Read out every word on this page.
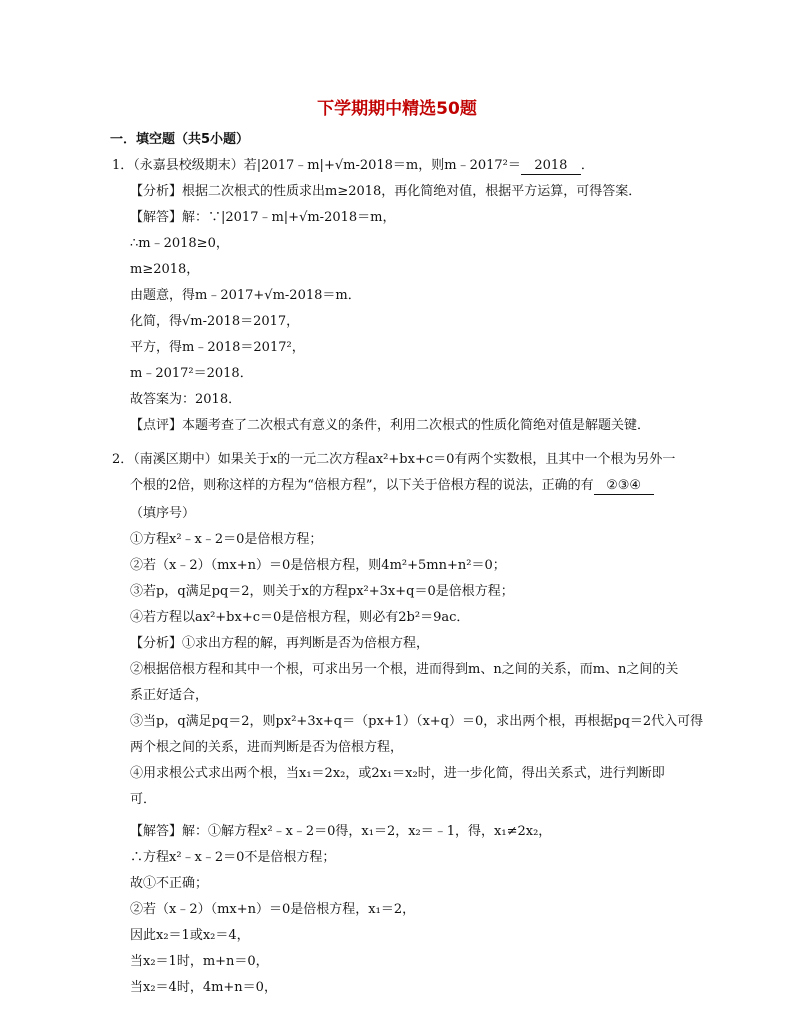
下学期期中精选50题
一．填空题（共5小题）
1．（永嘉县校级期末）若|2017﹣m|+√m-2018＝m，则m﹣2017²＝ 2018 ．
【分析】根据二次根式的性质求出m≥2018，再化简绝对值，根据平方运算，可得答案．
【解答】解：∵|2017﹣m|+√m-2018＝m，
∴m﹣2018≥0，
m≥2018，
由题意，得m﹣2017+√m-2018＝m．
化简，得√m-2018＝2017，
平方，得m﹣2018＝2017²，
m﹣2017²＝2018．
故答案为：2018．
【点评】本题考查了二次根式有意义的条件，利用二次根式的性质化简绝对值是解题关键．
2．（南溪区期中）如果关于x的一元二次方程ax²+bx+c＝0有两个实数根，且其中一个根为另外一
个根的2倍，则称这样的方程为“倍根方程”，以下关于倍根方程的说法，正确的有 ②③④
（填序号）
①方程x²﹣x﹣2＝0是倍根方程；
②若（x﹣2）（mx+n）＝0是倍根方程，则4m²+5mn+n²＝0；
③若p，q满足pq＝2，则关于x的方程px²+3x+q＝0是倍根方程；
④若方程以ax²+bx+c＝0是倍根方程，则必有2b²＝9ac．
【分析】①求出方程的解，再判断是否为倍根方程，
②根据倍根方程和其中一个根，可求出另一个根，进而得到m、n之间的关系，而m、n之间的关
系正好适合，
③当p，q满足pq＝2，则px²+3x+q＝（px+1）（x+q）＝0，求出两个根，再根据pq＝2代入可得
两个根之间的关系，进而判断是否为倍根方程，
④用求根公式求出两个根，当x₁＝2x₂，或2x₁＝x₂时，进一步化简，得出关系式，进行判断即
可．
【解答】解：①解方程x²﹣x﹣2＝0得，x₁＝2，x₂＝﹣1，得，x₁≠2x₂，
∴方程x²﹣x﹣2＝0不是倍根方程；
故①不正确；
②若（x﹣2）（mx+n）＝0是倍根方程，x₁＝2，
因此x₂＝1或x₂＝4，
当x₂＝1时，m+n＝0，
当x₂＝4时，4m+n＝0，
